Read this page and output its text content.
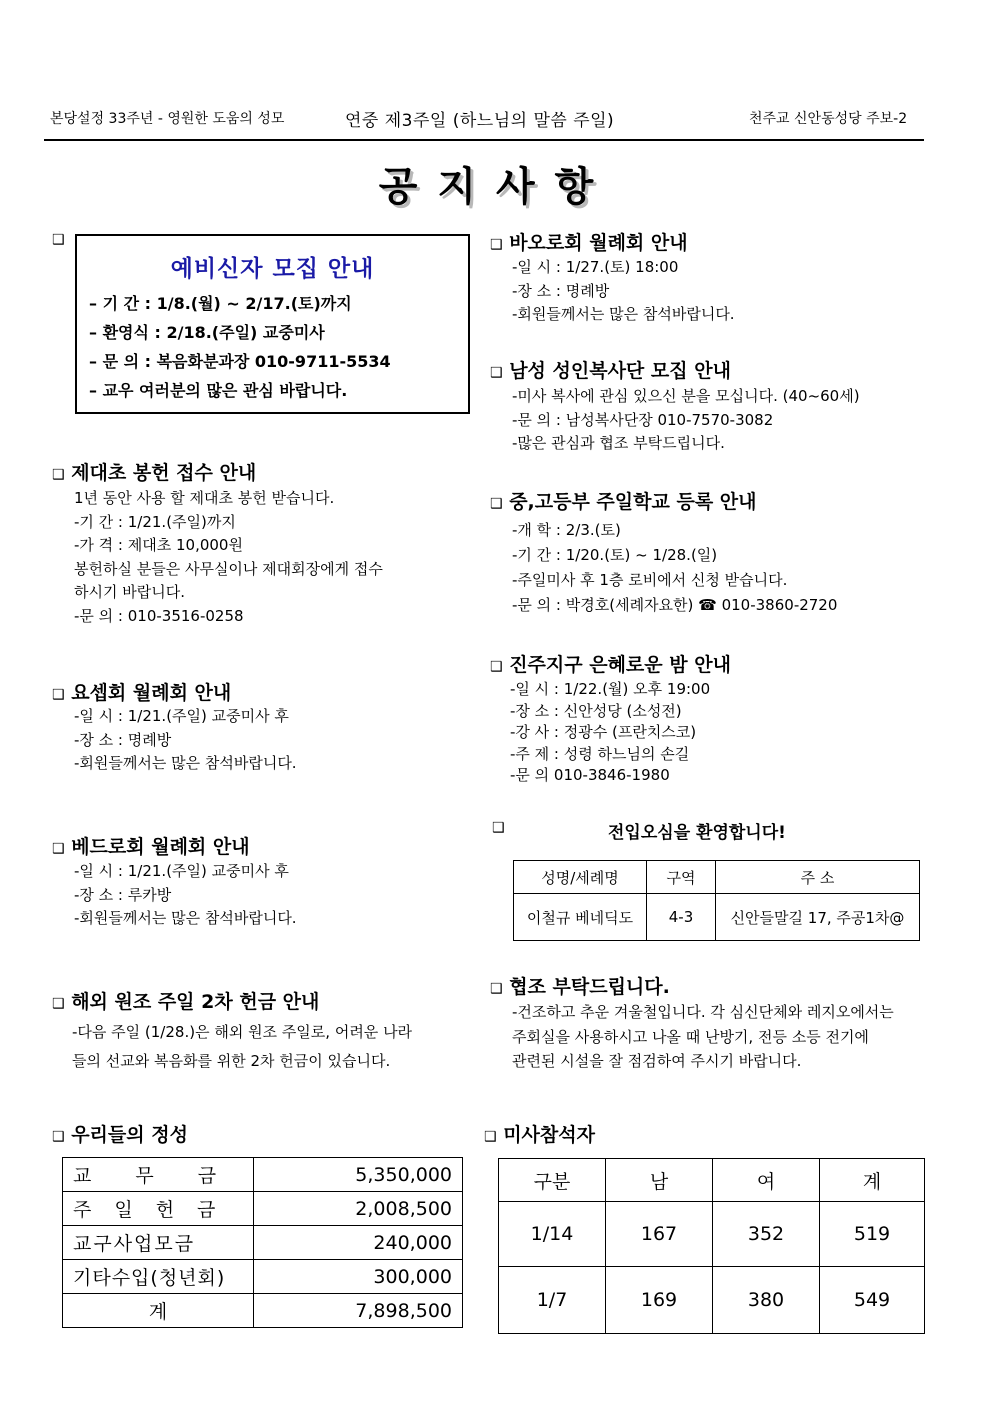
본당설정 33주년 - 영원한 도움의 성모	연중 제3주일 (하느님의 말씀 주일)	천주교 신안동성당 주보-2
공지사항
❑
예비신자 모집 안내
– 기 간 : 1/8.(월) ~ 2/17.(토)까지
– 환영식 : 2/18.(주일) 교중미사
– 문 의 : 복음화분과장 010-9711-5534
– 교우 여러분의 많은 관심 바랍니다.
❑ 제대초 봉헌 접수 안내
1년 동안 사용 할 제대초 봉헌 받습니다.
-기 간 : 1/21.(주일)까지
-가 격 : 제대초 10,000원
봉헌하실 분들은 사무실이나 제대회장에게 접수
하시기 바랍니다.
-문 의 : 010-3516-0258
❑ 요셉회 월례회 안내
-일 시 : 1/21.(주일) 교중미사 후
-장 소 : 명례방
-회원들께서는 많은 참석바랍니다.
❑ 베드로회 월례회 안내
-일 시 : 1/21.(주일) 교중미사 후
-장 소 : 루카방
-회원들께서는 많은 참석바랍니다.
❑ 해외 원조 주일 2차 헌금 안내
-다음 주일 (1/28.)은 해외 원조 주일로, 어려운 나라
들의 선교와 복음화를 위한 2차 헌금이 있습니다.
❑ 바오로회 월례회 안내
-일 시 : 1/27.(토) 18:00
-장 소 : 명례방
-회원들께서는 많은 참석바랍니다.
❑ 남성 성인복사단 모집 안내
-미사 복사에 관심 있으신 분을 모십니다. (40~60세)
-문 의 : 남성복사단장 010-7570-3082
-많은 관심과 협조 부탁드립니다.
❑ 중,고등부 주일학교 등록 안내
-개 학 : 2/3.(토)
-기 간 : 1/20.(토) ~ 1/28.(일)
-주일미사 후 1층 로비에서 신청 받습니다.
-문 의 : 박경호(세례자요한) ☎ 010-3860-2720
❑ 진주지구 은혜로운 밤 안내
-일 시 : 1/22.(월) 오후 19:00
-장 소 : 신안성당 (소성전)
-강 사 : 정광수 (프란치스코)
-주 제 : 성령 하느님의 손길
-문 의 010-3846-1980
❑	전입오심을 환영합니다!
성명/세례명	구역	주 소
이철규 베네딕도	4-3	신안들말길 17, 주공1차@
❑ 협조 부탁드립니다.
-건조하고 추운 겨울철입니다. 각 심신단체와 레지오에서는
주회실을 사용하시고 나올 때 난방기, 전등 소등 전기에
관련된 시설을 잘 점검하여 주시기 바랍니다.
❑ 우리들의 정성
교　　무　　금	5,350,000
주　일　헌　금	2,008,500
교구사업모금	240,000
기타수입(청년회)	300,000
계	7,898,500
❑ 미사참석자
구분	남	여	계
1/14	167	352	519
1/7	169	380	549
